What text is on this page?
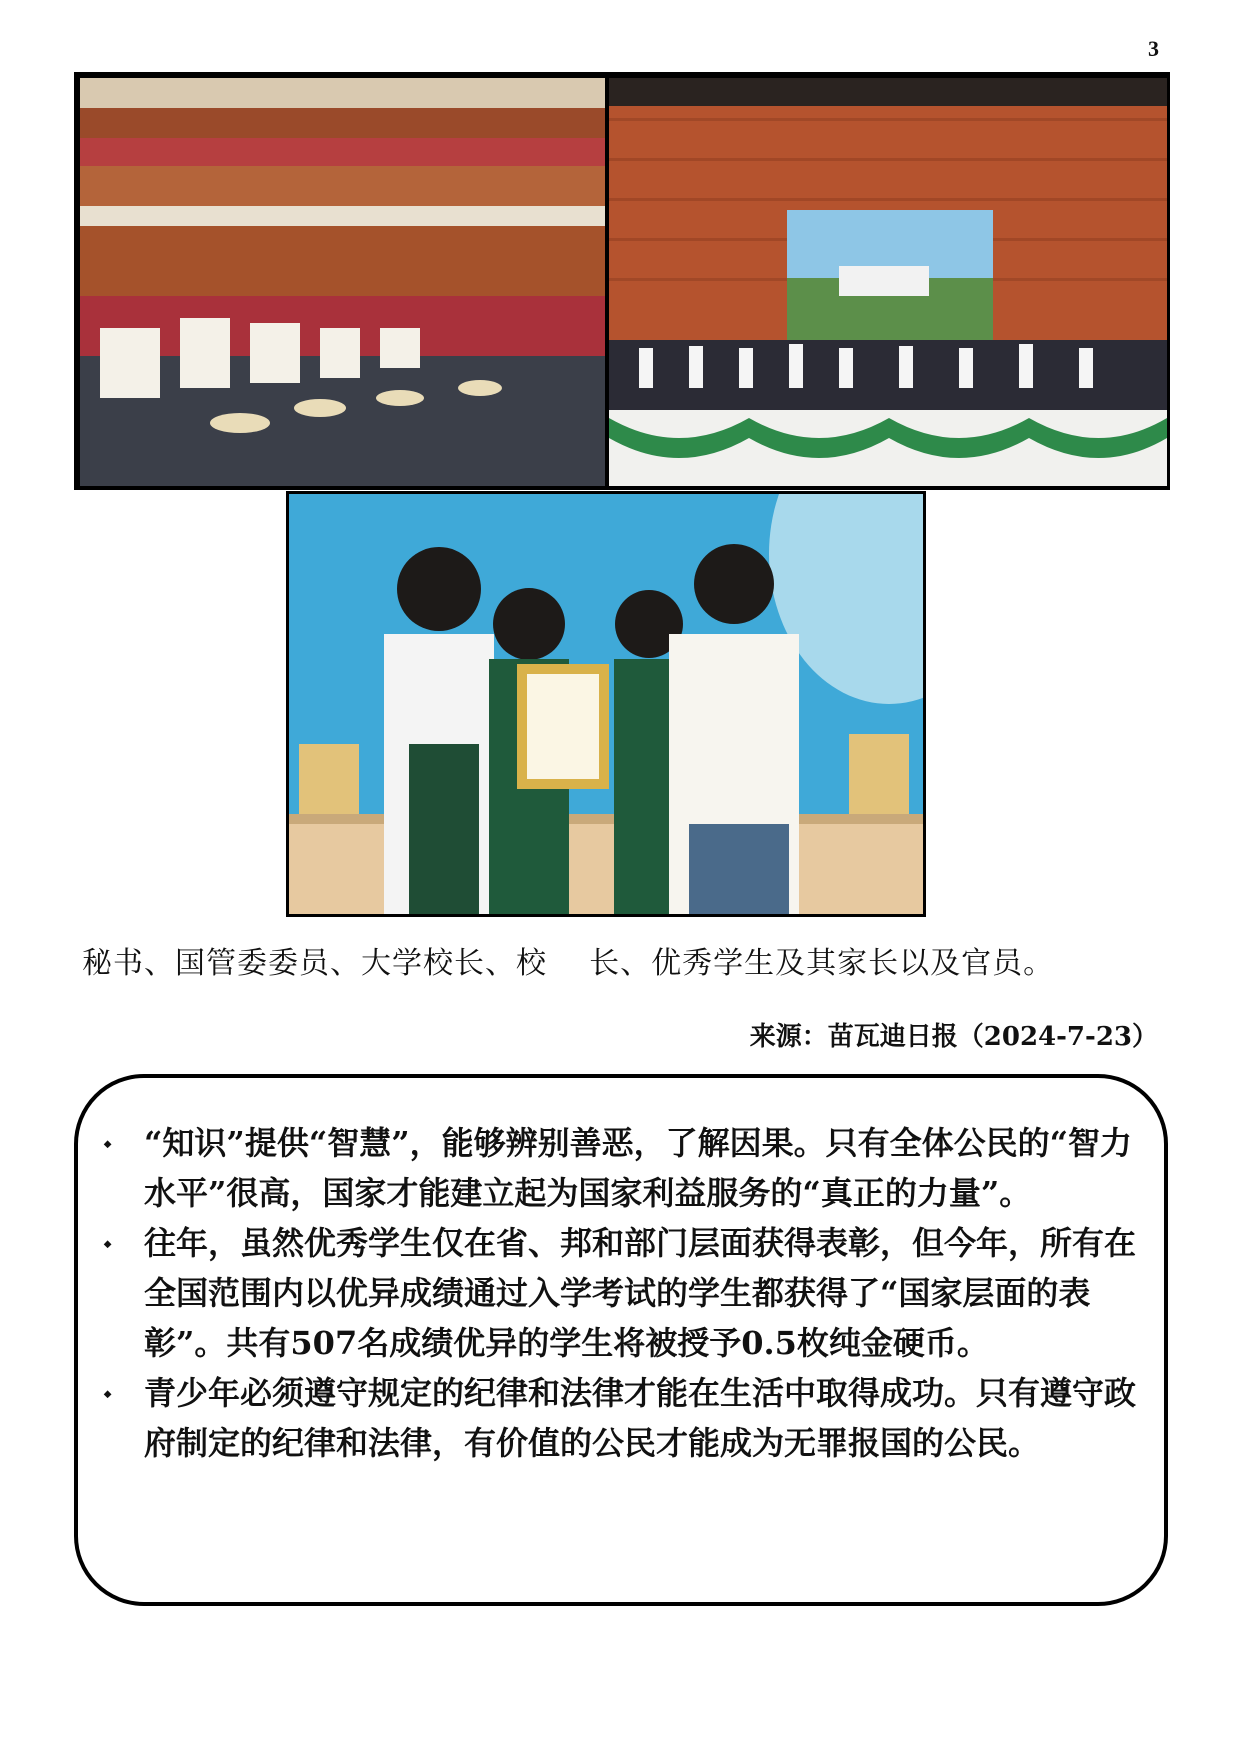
3
秘书、国管委委员、大学校长、校    长、优秀学生及其家长以及官员。
来源：苗瓦迪日报（2024-7-23）
⬩ “知识”提供“智慧”，能够辨别善恶，了解因果。只有全体公民的“智力水平”很高，国家才能建立起为国家利益服务的“真正的力量”。
⬩ 往年，虽然优秀学生仅在省、邦和部门层面获得表彰，但今年，所有在全国范围内以优异成绩通过入学考试的学生都获得了“国家层面的表彰”。共有507名成绩优异的学生将被授予0.5枚纯金硬币。
⬩ 青少年必须遵守规定的纪律和法律才能在生活中取得成功。只有遵守政府制定的纪律和法律，有价值的公民才能成为无罪报国的公民。
